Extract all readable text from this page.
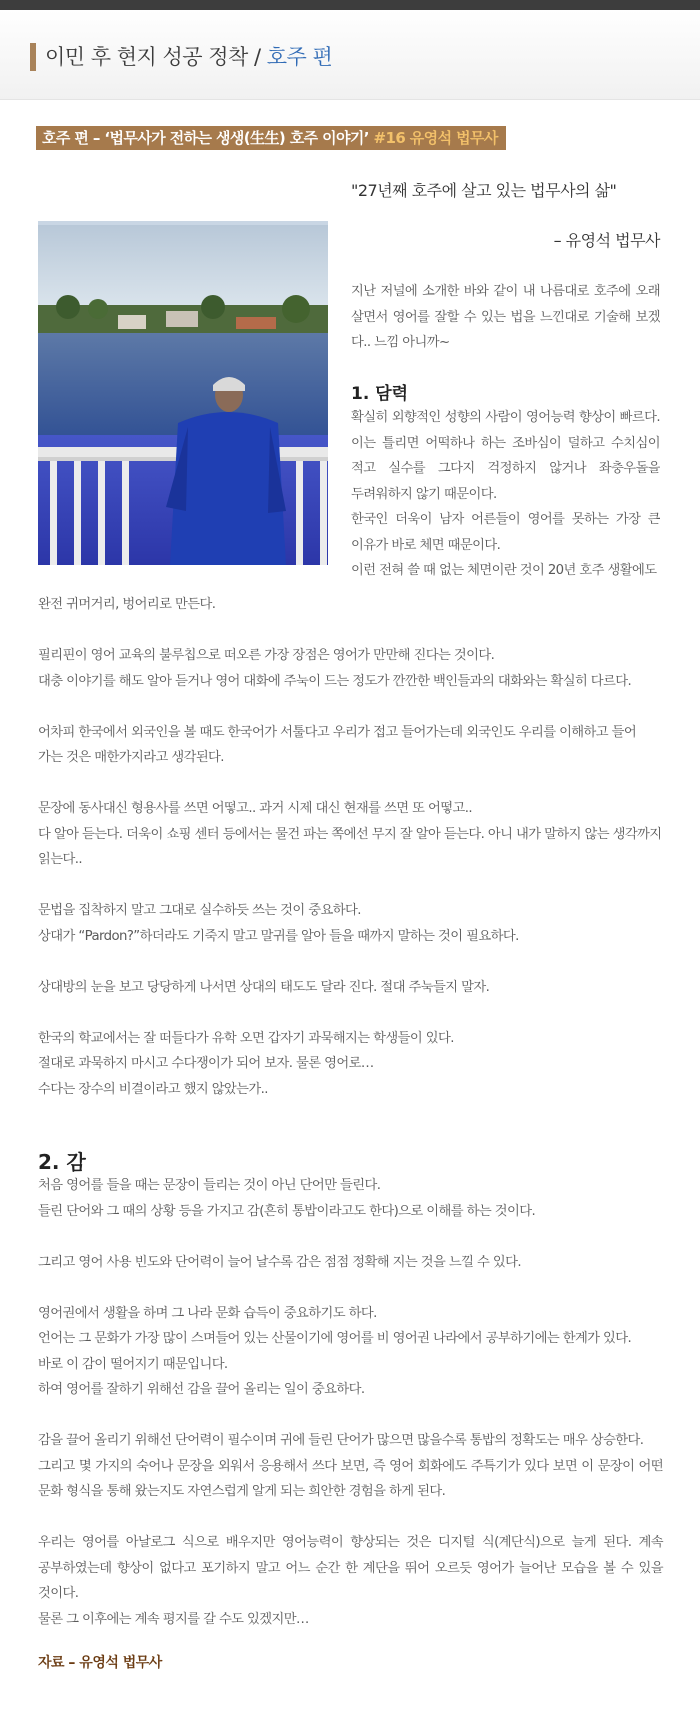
이민 후 현지 성공 정착 / 호주 편
호주 편 – ‘법무사가 전하는 생생(生生) 호주 이야기’ #16 유영석 법무사
"27년째 호주에 살고 있는 법무사의 삶"
– 유영석 법무사
지난 저널에 소개한 바와 같이 내 나름대로 호주에 오래 살면서 영어를 잘할 수 있는 법을 느낀대로 기술해 보겠다.. 느낌 아니까~
1. 담력

확실히 외향적인 성향의 사람이 영어능력 향상이 빠르다.

이는 틀리면 어떡하나 하는 조바심이 덜하고 수치심이

적고 실수를 그다지 걱정하지 않거나 좌충우돌을

두려워하지 않기 때문이다.

한국인 더욱이 남자 어른들이 영어를 못하는 가장 큰

이유가 바로 체면 때문이다.

이런 전혀 쓸 때 없는 체면이란 것이 20년 호주 생활에도

완전 귀머거리, 벙어리로 만든다.

필리핀이 영어 교육의 불루칩으로 떠오른 가장 장점은 영어가 만만해 진다는 것이다.

대충 이야기를 해도 알아 듣거나 영어 대화에 주눅이 드는 정도가 깐깐한 백인들과의 대화와는 확실히 다르다.

어차피 한국에서 외국인을 볼 때도 한국어가 서툴다고 우리가 접고 들어가는데 외국인도 우리를 이해하고 들어

가는 것은 매한가지라고 생각된다.

문장에 동사대신 형용사를 쓰면 어떻고.. 과거 시제 대신 현재를 쓰면 또 어떻고..

다 알아 듣는다. 더욱이 쇼핑 센터 등에서는 물건 파는 쪽에선 무지 잘 알아 듣는다. 아니 내가 말하지 않는 생각까지

읽는다..

문법을 집착하지 말고 그대로 실수하듯 쓰는 것이 중요하다.

상대가 “Pardon?”하더라도 기죽지 말고 말귀를 알아 들을 때까지 말하는 것이 필요하다.

상대방의 눈을 보고 당당하게 나서면 상대의 태도도 달라 진다. 절대 주눅들지 말자.

한국의 학교에서는 잘 떠들다가 유학 오면 갑자기 과묵해지는 학생들이 있다.

절대로 과묵하지 마시고 수다쟁이가 되어 보자. 물론 영어로…

수다는 장수의 비결이라고 했지 않았는가..

2. 감

처음 영어를 들을 때는 문장이 들리는 것이 아닌 단어만 들린다.

들린 단어와 그 때의 상황 등을 가지고 감(흔히 통밥이라고도 한다)으로 이해를 하는 것이다.

그리고 영어 사용 빈도와 단어력이 늘어 날수록 감은 점점 정확해 지는 것을 느낄 수 있다.

영어권에서 생활을 하며 그 나라 문화 습득이 중요하기도 하다.

언어는 그 문화가 가장 많이 스며들어 있는 산물이기에 영어를 비 영어권 나라에서 공부하기에는 한계가 있다.

바로 이 감이 떨어지기 때문입니다.

하여 영어를 잘하기 위해선 감을 끌어 올리는 일이 중요하다.

감을 끌어 올리기 위해선 단어력이 필수이며 귀에 들린 단어가 많으면 많을수록 통밥의 정확도는 매우 상승한다.

그리고 몇 가지의 숙어나 문장을 외워서 응용해서 쓰다 보면, 즉 영어 회화에도 주특기가 있다 보면 이 문장이 어떤

문화 형식을 통해 왔는지도 자연스럽게 알게 되는 희안한 경험을 하게 된다.

우리는 영어를 아날로그 식으로 배우지만 영어능력이 향상되는 것은 디지털 식(계단식)으로 늘게 된다. 계속

공부하였는데 향상이 없다고 포기하지 말고 어느 순간 한 계단을 뛰어 오르듯 영어가 늘어난 모습을 볼 수 있을

것이다.

물론 그 이후에는 계속 평지를 갈 수도 있겠지만…

자료 – 유영석 법무사
